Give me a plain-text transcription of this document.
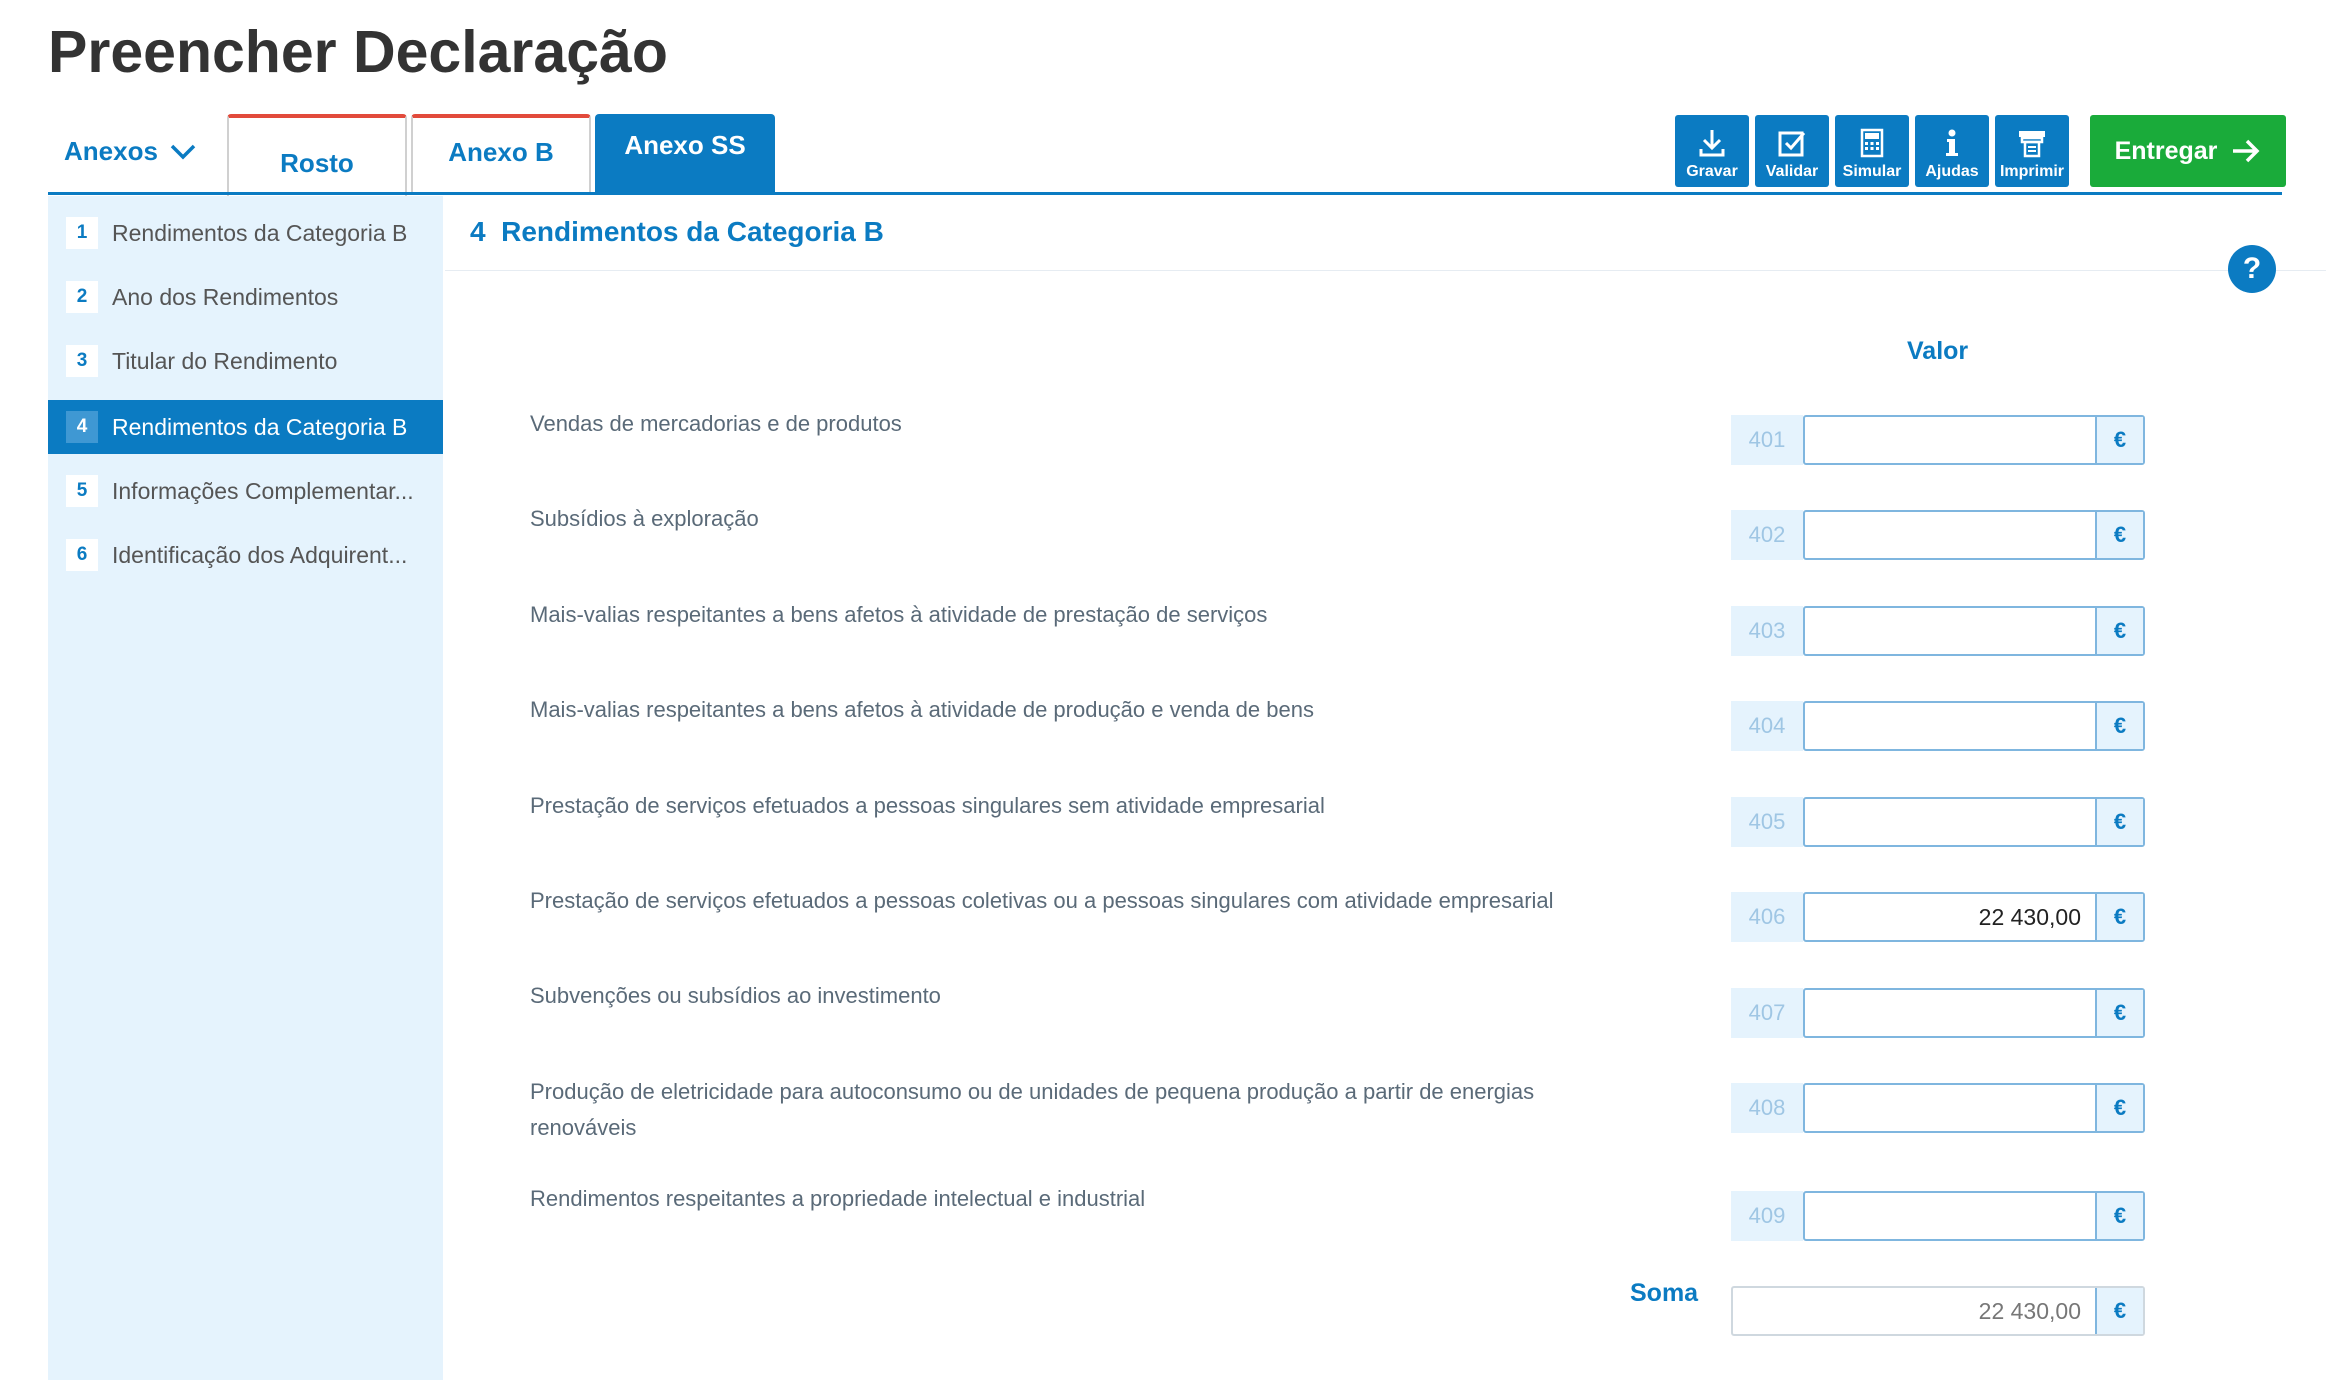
Preencher Declaração
Anexos	Rosto	Anexo B	Anexo SS
Gravar Validar Simular Ajudas Imprimir
Entregar
1	Rendimentos da Categoria B
2	Ano dos Rendimentos
3	Titular do Rendimento
4	Rendimentos da Categoria B
5	Informações Complementar...
6	Identificação dos Adquirent...
4 Rendimentos da Categoria B
?
Valor
Vendas de mercadorias e de produtos
401	€
Subsídios à exploração
402	€
Mais-valias respeitantes a bens afetos à atividade de prestação de serviços
403	€
Mais-valias respeitantes a bens afetos à atividade de produção e venda de bens
404	€
Prestação de serviços efetuados a pessoas singulares sem atividade empresarial
405	€
Prestação de serviços efetuados a pessoas coletivas ou a pessoas singulares com atividade empresarial
406	22 430,00	€
Subvenções ou subsídios ao investimento
407	€
Produção de eletricidade para autoconsumo ou de unidades de pequena produção a partir de energias renováveis
408	€
Rendimentos respeitantes a propriedade intelectual e industrial
409	€
Soma
22 430,00	€
